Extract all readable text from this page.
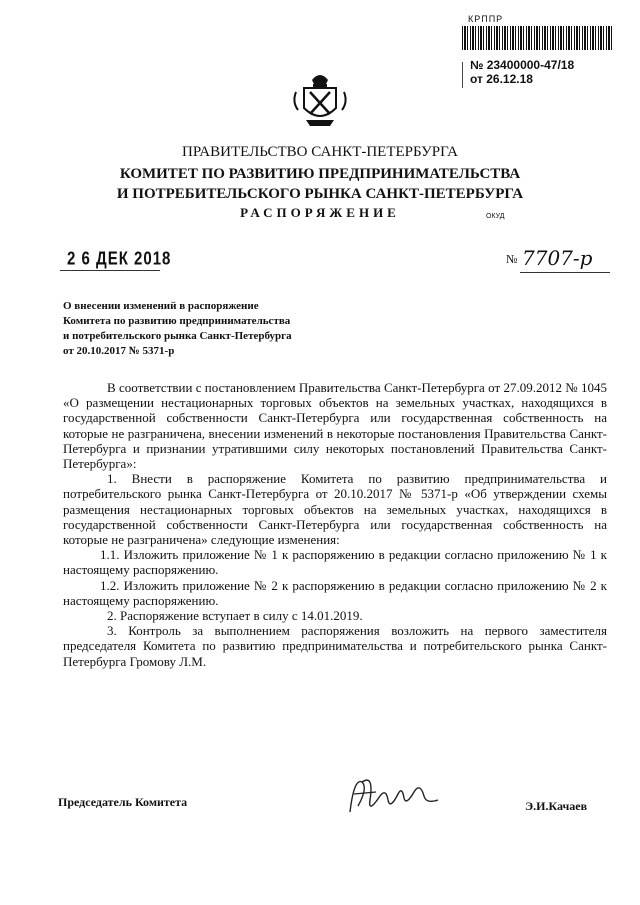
КРППР
№ 23400000-47/18
от 26.12.18
ПРАВИТЕЛЬСТВО САНКТ-ПЕТЕРБУРГА
КОМИТЕТ ПО РАЗВИТИЮ ПРЕДПРИНИМАТЕЛЬСТВА
И ПОТРЕБИТЕЛЬСКОГО РЫНКА САНКТ-ПЕТЕРБУРГА
РАСПОРЯЖЕНИЕ	ОКУД
2 6 ДЕК 2018	№ 7707-р
О внесении изменений в распоряжение
Комитета по развитию предпринимательства
и потребительского рынка Санкт-Петербурга
от 20.10.2017 № 5371-р

В соответствии с постановлением Правительства Санкт-Петербурга от 27.09.2012 № 1045 «О размещении нестационарных торговых объектов на земельных участках, находящихся в государственной собственности Санкт-Петербурга или государственная собственность на которые не разграничена, внесении изменений в некоторые постановления Правительства Санкт-Петербурга и признании утратившими силу некоторых постановлений Правительства Санкт-Петербурга»:

1. Внести в распоряжение Комитета по развитию предпринимательства и потребительского рынка Санкт-Петербурга от 20.10.2017 № 5371-р «Об утверждении схемы размещения нестационарных торговых объектов на земельных участках, находящихся в государственной собственности Санкт-Петербурга или государственная собственность на которые не разграничена» следующие изменения:

1.1. Изложить приложение № 1 к распоряжению в редакции согласно приложению № 1 к настоящему распоряжению.

1.2. Изложить приложение № 2 к распоряжению в редакции согласно приложению № 2 к настоящему распоряжению.

2. Распоряжение вступает в силу с 14.01.2019.

3. Контроль за выполнением распоряжения возложить на первого заместителя председателя Комитета по развитию предпринимательства и потребительского рынка Санкт-Петербурга Громову Л.М.

Председатель Комитета	Э.И.Качаев
